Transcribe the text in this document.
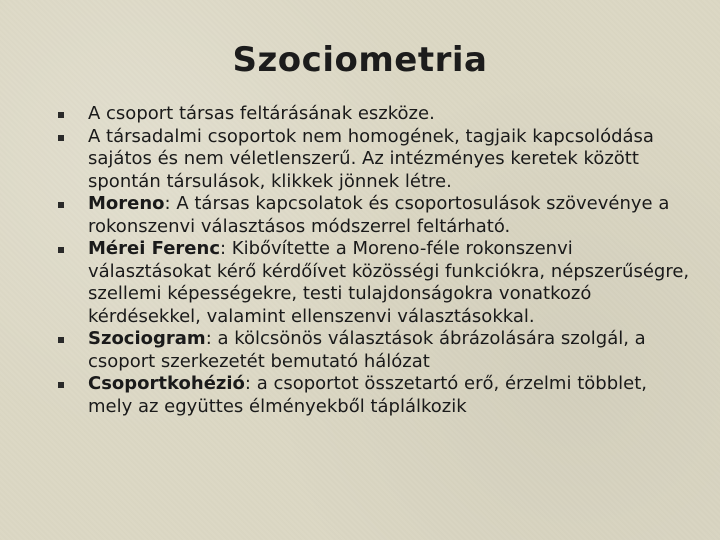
Szociometria
A csoport társas feltárásának eszköze.
A társadalmi csoportok nem homogének, tagjaik kapcsolódása sajátos és nem véletlenszerű. Az intézményes keretek között spontán társulások, klikkek jönnek létre.
Moreno: A társas kapcsolatok és csoportosulások szövevénye a rokonszenvi választásos módszerrel feltárható.
Mérei Ferenc: Kibővítette a Moreno-féle rokonszenvi választásokat kérő kérdőívet közösségi funkciókra, népszerűségre, szellemi képességekre, testi tulajdonságokra vonatkozó kérdésekkel, valamint ellenszenvi választásokkal.
Szociogram: a kölcsönös választások ábrázolására szolgál, a csoport szerkezetét bemutató hálózat
Csoportkohézió: a csoportot összetartó erő, érzelmi többlet, mely az együttes élményekből táplálkozik
